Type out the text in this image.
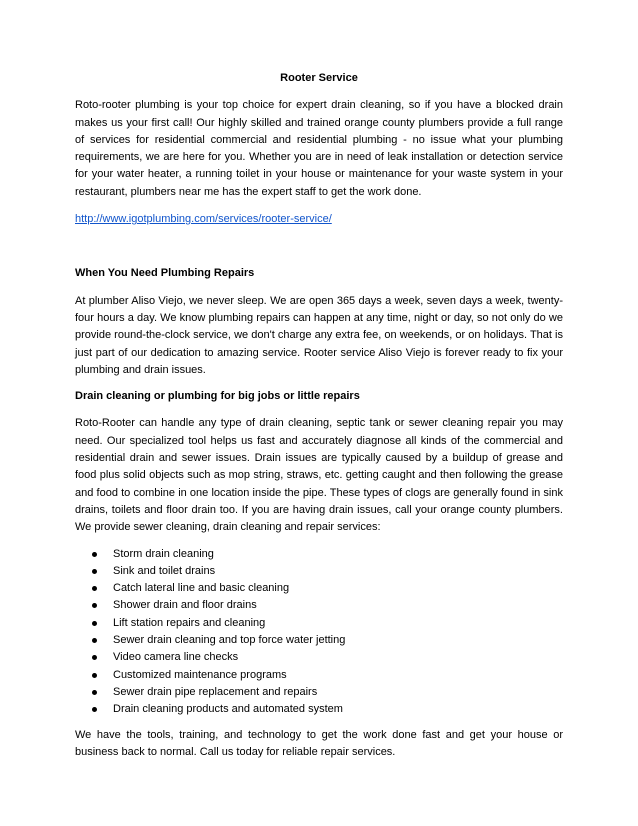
Rooter Service

Roto-rooter plumbing is your top choice for expert drain cleaning, so if you have a blocked drain makes us your first call! Our highly skilled and trained orange county plumbers provide a full range of services for residential commercial and residential plumbing - no issue what your plumbing requirements, we are here for you. Whether you are in need of leak installation or detection service for your water heater, a running toilet in your house or maintenance for your waste system in your restaurant, plumbers near me has the expert staff to get the work done.

http://www.igotplumbing.com/services/rooter-service/
When You Need Plumbing Repairs

At plumber Aliso Viejo, we never sleep. We are open 365 days a week, seven days a week, twenty-four hours a day. We know plumbing repairs can happen at any time, night or day, so not only do we provide round-the-clock service, we don't charge any extra fee, on weekends, or on holidays. That is just part of our dedication to amazing service. Rooter service Aliso Viejo is forever ready to fix your plumbing and drain issues.

Drain cleaning or plumbing for big jobs or little repairs

Roto-Rooter can handle any type of drain cleaning, septic tank or sewer cleaning repair you may need. Our specialized tool helps us fast and accurately diagnose all kinds of the commercial and residential drain and sewer issues. Drain issues are typically caused by a buildup of grease and food plus solid objects such as mop string, straws, etc. getting caught and then following the grease and food to combine in one location inside the pipe. These types of clogs are generally found in sink drains, toilets and floor drain too. If you are having drain issues, call your orange county plumbers. We provide sewer cleaning, drain cleaning and repair services:

Storm drain cleaning
Sink and toilet drains
Catch lateral line and basic cleaning
Shower drain and floor drains
Lift station repairs and cleaning
Sewer drain cleaning and top force water jetting
Video camera line checks
Customized maintenance programs
Sewer drain pipe replacement and repairs
Drain cleaning products and automated system

We have the tools, training, and technology to get the work done fast and get your house or business back to normal. Call us today for reliable repair services.
